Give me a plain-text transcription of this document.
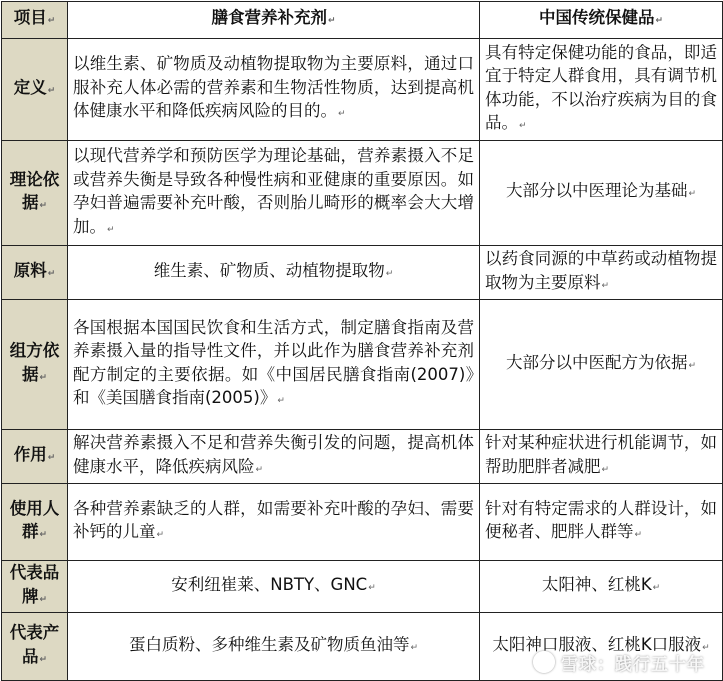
项目↵	膳食营养补充剂↵	中国传统保健品↵
定义↵	以维生素、矿物质及动植物提取物为主要原料，通过口服补充人体必需的营养素和生物活性物质，达到提高机体健康水平和降低疾病风险的目的。↵	具有特定保健功能的食品，即适宜于特定人群食用，具有调节机体功能，不以治疗疾病为目的食品。↵
理论依据↵	以现代营养学和预防医学为理论基础，营养素摄入不足或营养失衡是导致各种慢性病和亚健康的重要原因。如孕妇普遍需要补充叶酸，否则胎儿畸形的概率会大大增加。↵	大部分以中医理论为基础↵
原料↵	维生素、矿物质、动植物提取物↵	以药食同源的中草药或动植物提取物为主要原料↵
组方依据↵	各国根据本国国民饮食和生活方式，制定膳食指南及营养素摄入量的指导性文件，并以此作为膳食营养补充剂配方制定的主要依据。如《中国居民膳食指南(2007)》和《美国膳食指南(2005)》↵	大部分以中医配方为依据↵
作用↵	解决营养素摄入不足和营养失衡引发的问题，提高机体健康水平，降低疾病风险↵	针对某种症状进行机能调节，如帮助肥胖者减肥↵
使用人群↵	各种营养素缺乏的人群，如需要补充叶酸的孕妇、需要补钙的儿童↵	针对有特定需求的人群设计，如便秘者、肥胖人群等↵
代表品牌↵	安利纽崔莱、NBTY、GNC↵	太阳神、红桃K↵
代表产品↵	蛋白质粉、多种维生素及矿物质鱼油等↵	太阳神口服液、红桃K口服液↵
雪球：践行五十年
